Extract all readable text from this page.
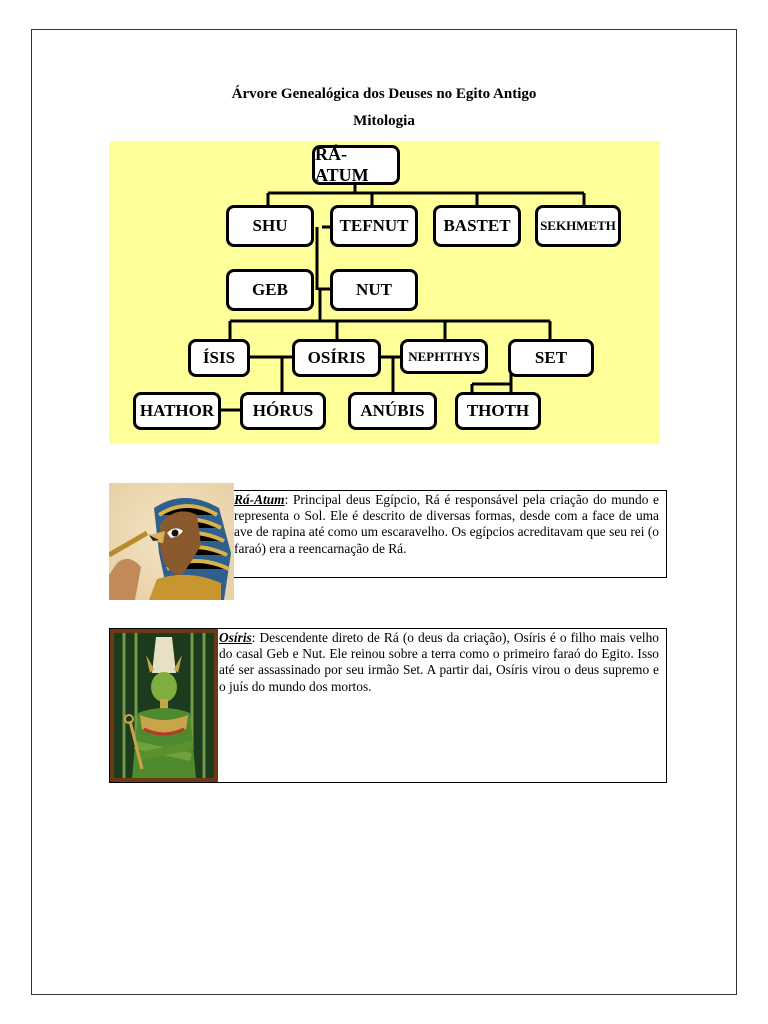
Árvore Genealógica dos Deuses no Egito Antigo
Mitologia
RÁ-ATUM
SHU	TEFNUT	BASTET	SEKHMETH
GEB	NUT
ÍSIS	OSÍRIS	NEPHTHYS	SET
HATHOR	HÓRUS	ANÚBIS	THOTH
Rá-Atum: Principal deus Egípcio, Rá é responsável pela criação do mundo e representa o Sol. Ele é descrito de diversas formas, desde com a face de uma ave de rapina até como um escaravelho. Os egípcios acreditavam que seu rei (o faraó) era a reencarnação de Rá.
Osíris: Descendente direto de Rá (o deus da criação), Osíris é o filho mais velho do casal Geb e Nut. Ele reinou sobre a terra como o primeiro faraó do Egito. Isso até ser assassinado por seu irmão Set. A partir dai, Osíris virou o deus supremo e o juís do mundo dos mortos.
